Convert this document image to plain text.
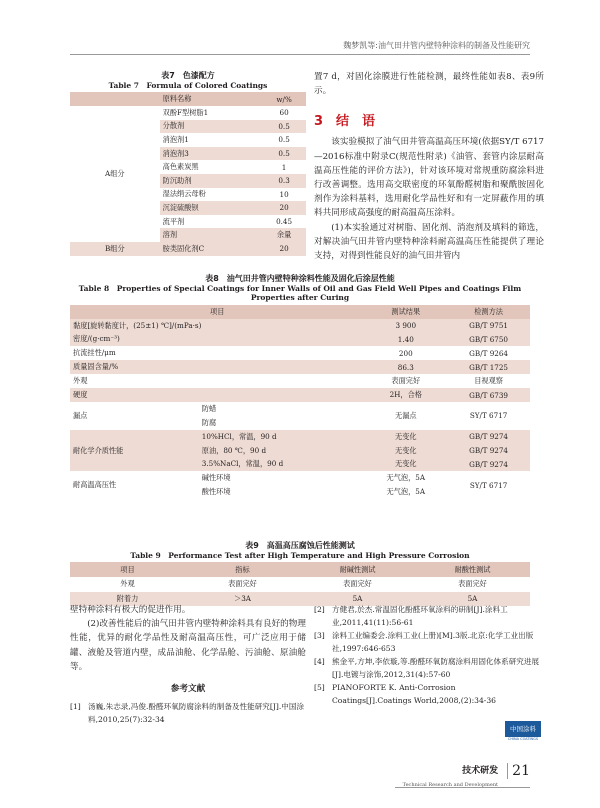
魏梦凯等:油气田井管内壁特种涂料的制备及性能研究
表7　色漆配方
Table 7　Formula of Colored Coatings
	原料名称	w/%
A组分	双酚F型树脂1	60
	分散剂	0.5
	消泡剂1	0.5
	消泡剂3	0.5
	高色素炭黑	1
	防沉助剂	0.3
	湿法绢云母粉	10
	沉淀硫酸钡	20
	流平剂	0.45
	溶剂	余量
B组分	胺类固化剂C	20

置7 d，对固化涂膜进行性能检测，最终性能如表8、表9所示。

3　结　语

该实验模拟了油气田井管高温高压环境(依据SY/T 6717—2016标准中附录C(规范性附录)《油管、套管内涂层耐高温高压性能的评价方法》)，针对该环境对常规重防腐涂料进行改善调整。选用高交联密度的环氧酚醛树脂和聚酰胺固化剂作为涂料基料，选用耐化学品性好和有一定屏蔽作用的填料共同形成高强度的耐高温高压涂料。

(1)本实验通过对树脂、固化剂、消泡剂及填料的筛选，对解决油气田井管内壁特种涂料耐高温高压性能提供了理论支持，对得到性能良好的油气田井管内

表8　油气田井管内壁特种涂料性能及固化后涂层性能
Table 8　Properties of Special Coatings for Inner Walls of Oil and Gas Field Well Pipes and Coatings Film Properties after Curing
项目		测试结果	检测方法
黏度[旋转黏度计，(25±1) ℃]/(mPa·s)		3 900	GB/T 9751
密度/(g·cm⁻³)		1.40	GB/T 6750
抗流挂性/μm		200	GB/T 9264
质量固含量/%		86.3	GB/T 1725
外观		表面完好	目视观察
硬度		2H，合格	GB/T 6739
漏点	防蜡	无漏点	SY/T 6717
	防腐		
耐化学介质性能	10%HCl，常温，90 d	无变化	GB/T 9274
	原油，80 ℃，90 d	无变化	GB/T 9274
	3.5%NaCl，常温，90 d	无变化	GB/T 9274
耐高温高压性	碱性环境	无气泡，5A	SY/T 6717
	酸性环境	无气泡，5A	
表9　高温高压腐蚀后性能测试
Table 9　Performance Test after High Temperature and High Pressure Corrosion
项目	指标	耐碱性测试	耐酸性测试
外观	表面完好	表面完好	表面完好
附着力	＞3A	5A	5A

壁特种涂料有极大的促进作用。

(2)改善性能后的油气田井管内壁特种涂料具有良好的物理性能，优异的耐化学品性及耐高温高压性，可广泛应用于储罐、液舱及管道内壁，成品油舱、化学品舱、污油舱、原油舱等。

参考文献
[1] 汤巍,朱志录,冯俊.酚醛环氧防腐涂料的制备及性能研究[J].中国涂料,2010,25(7):32-34
[2] 方健君,於杰.常温固化酚醛环氧涂料的研制[J].涂料工业,2011,41(11):56-61
[3] 涂料工业编委会.涂料工业(上册)[M].3版.北京:化学工业出版社,1997:646-653
[4] 熊金平,方坤,李依璇,等.酚醛环氧防腐涂料用固化体系研究进展[J].电镀与涂饰,2012,31(4):57-60
[5] PIANOFORTE K. Anti-Corrosion Coatings[J].Coatings World,2008,(2):34-36
中国涂料
CHINA COATINGS
技术研发
Technical Research and Development
21
